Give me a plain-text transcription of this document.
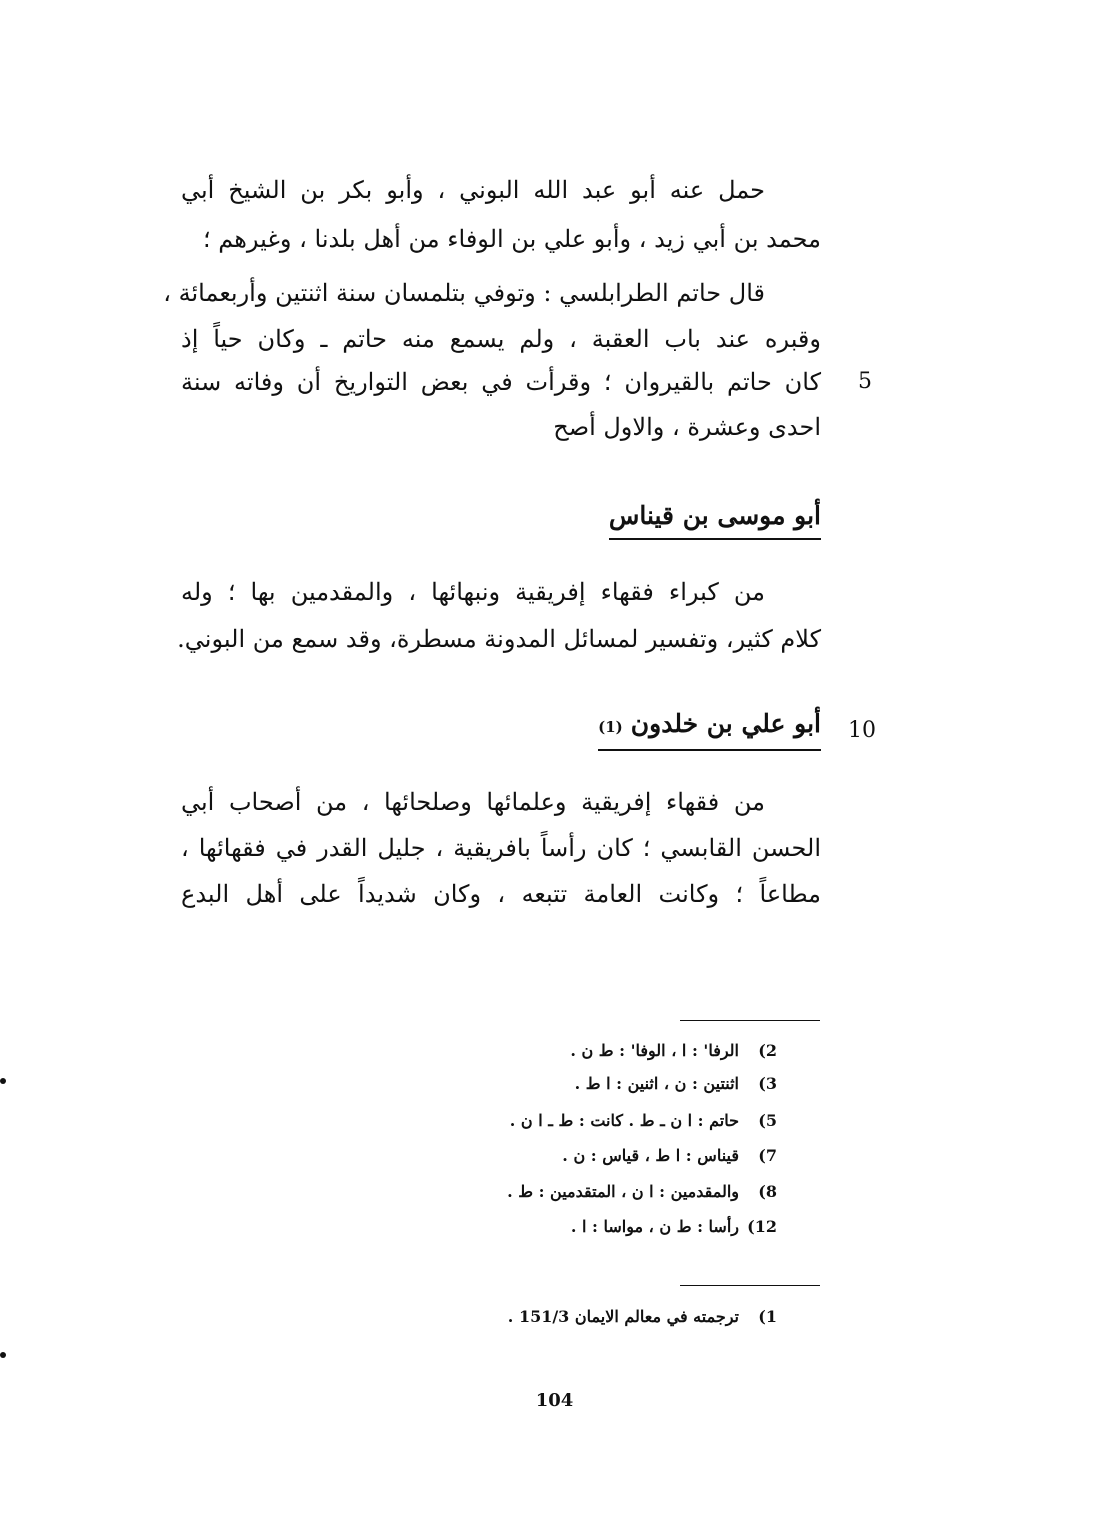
حمل عنه أبو عبد الله البوني ، وأبو بكر بن الشيخ أبي
محمد بن أبي زيد ، وأبو علي بن الوفاء من أهل بلدنا ، وغيرهم ؛
قال حاتم الطرابلسي : وتوفي بتلمسان سنة اثنتين وأربعمائة ،
وقبره عند باب العقبة ، ولم يسمع منه حاتم ـ وكان حياً إذ
كان حاتم بالقيروان ؛ وقرأت في بعض التواريخ أن وفاته سنة 5
احدى وعشرة ، والاول أصح
أبو موسى بن قيناس
من كبراء فقهاء إفريقية ونبهائها ، والمقدمين بها ؛ وله
كلام كثير، وتفسير لمسائل المدونة مسطرة، وقد سمع من البوني.
أبو علي بن خلدون(1)	10
من فقهاء إفريقية وعلمائها وصلحائها ، من أصحاب أبي
الحسن القابسي ؛ كان رأساً بافريقية ، جليل القدر في فقهائها ،
مطاعاً ؛ وكانت العامة تتبعه ، وكان شديداً على أهل البدع
2)الرفا' : ا ، الوفا' : ط ن .
3)اثنتين : ن ، اثنين : ا ط .
5)حاتم : ا ن ـ ط . كانت : ط ـ ا ن .
7)قيناس : ا ط ، قياس : ن .
8)والمقدمين : ا ن ، المتقدمين : ط .
12)رأسا : ط ن ، مواسا : ا .
1)ترجمته في معالم الايمان 151/3 .
104
